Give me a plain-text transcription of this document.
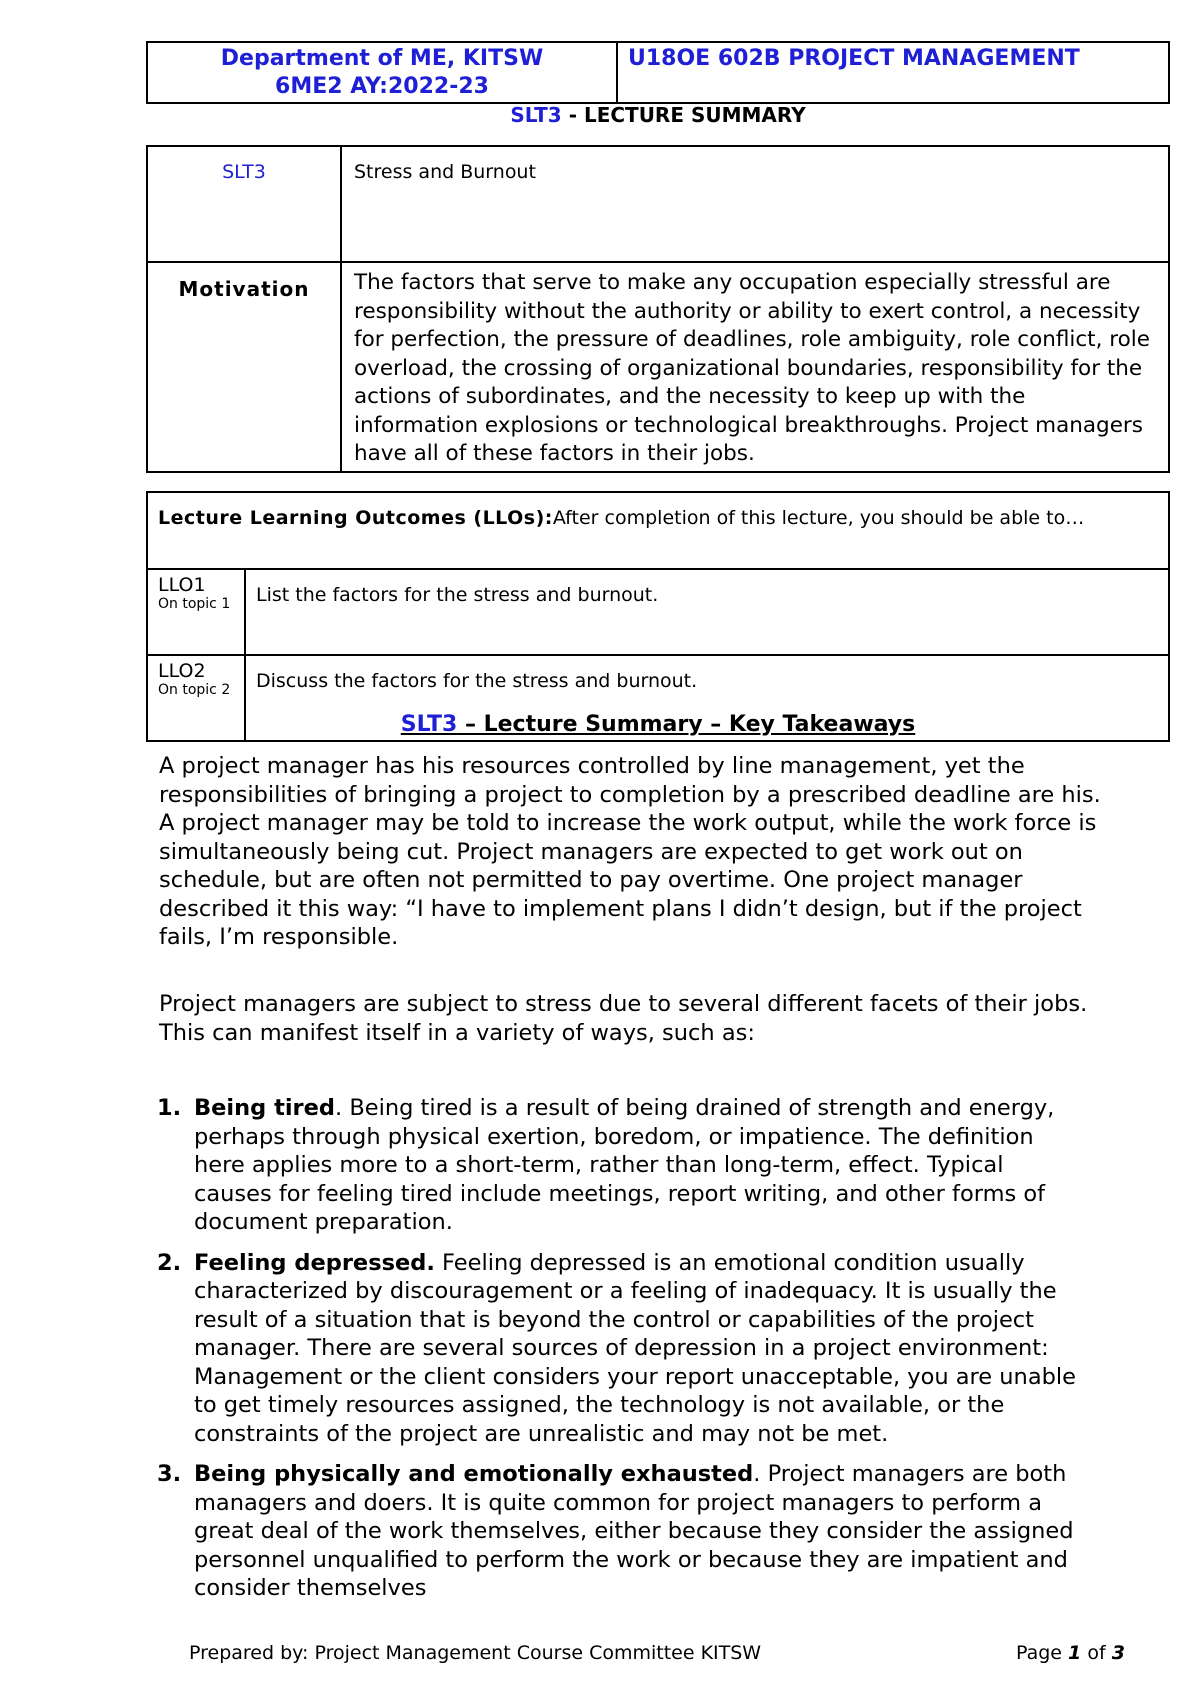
Department of ME, KITSW
6ME2 AY:2022-23
	U18OE 602B PROJECT MANAGEMENT
SLT3 - LECTURE SUMMARY
SLT3	Stress and Burnout
Motivation	The factors that serve to make any occupation especially stressful are responsibility without the authority or ability to exert control, a necessity for perfection, the pressure of deadlines, role ambiguity, role conflict, role overload, the crossing of organizational boundaries, responsibility for the actions of subordinates, and the necessity to keep up with the information explosions or technological breakthroughs. Project managers have all of these factors in their jobs.
Lecture Learning Outcomes (LLOs):After completion of this lecture, you should be able to…	

LLO1
On topic 1	List the factors for the stress and burnout.

LLO2
On topic 2	Discuss the factors for the stress and burnout.
SLT3 – Lecture Summary – Key Takeaways
A project manager has his resources controlled by line management, yet the responsibilities of bringing a project to completion by a prescribed deadline are his. A project manager may be told to increase the work output, while the work force is simultaneously being cut. Project managers are expected to get work out on schedule, but are often not permitted to pay overtime. One project manager described it this way: “I have to implement plans I didn’t design, but if the project fails, I’m responsible.
Project managers are subject to stress due to several different facets of their jobs. This can manifest itself in a variety of ways, such as:
1. Being tired. Being tired is a result of being drained of strength and energy, perhaps through physical exertion, boredom, or impatience. The definition here applies more to a short-term, rather than long-term, effect. Typical causes for feeling tired include meetings, report writing, and other forms of document preparation.
2. Feeling depressed. Feeling depressed is an emotional condition usually characterized by discouragement or a feeling of inadequacy. It is usually the result of a situation that is beyond the control or capabilities of the project manager. There are several sources of depression in a project environment: Management or the client considers your report unacceptable, you are unable to get timely resources assigned, the technology is not available, or the constraints of the project are unrealistic and may not be met.
3. Being physically and emotionally exhausted. Project managers are both managers and doers. It is quite common for project managers to perform a great deal of the work themselves, either because they consider the assigned personnel unqualified to perform the work or because they are impatient and consider themselves
Prepared by: Project Management Course Committee KITSW	Page 1 of 3
